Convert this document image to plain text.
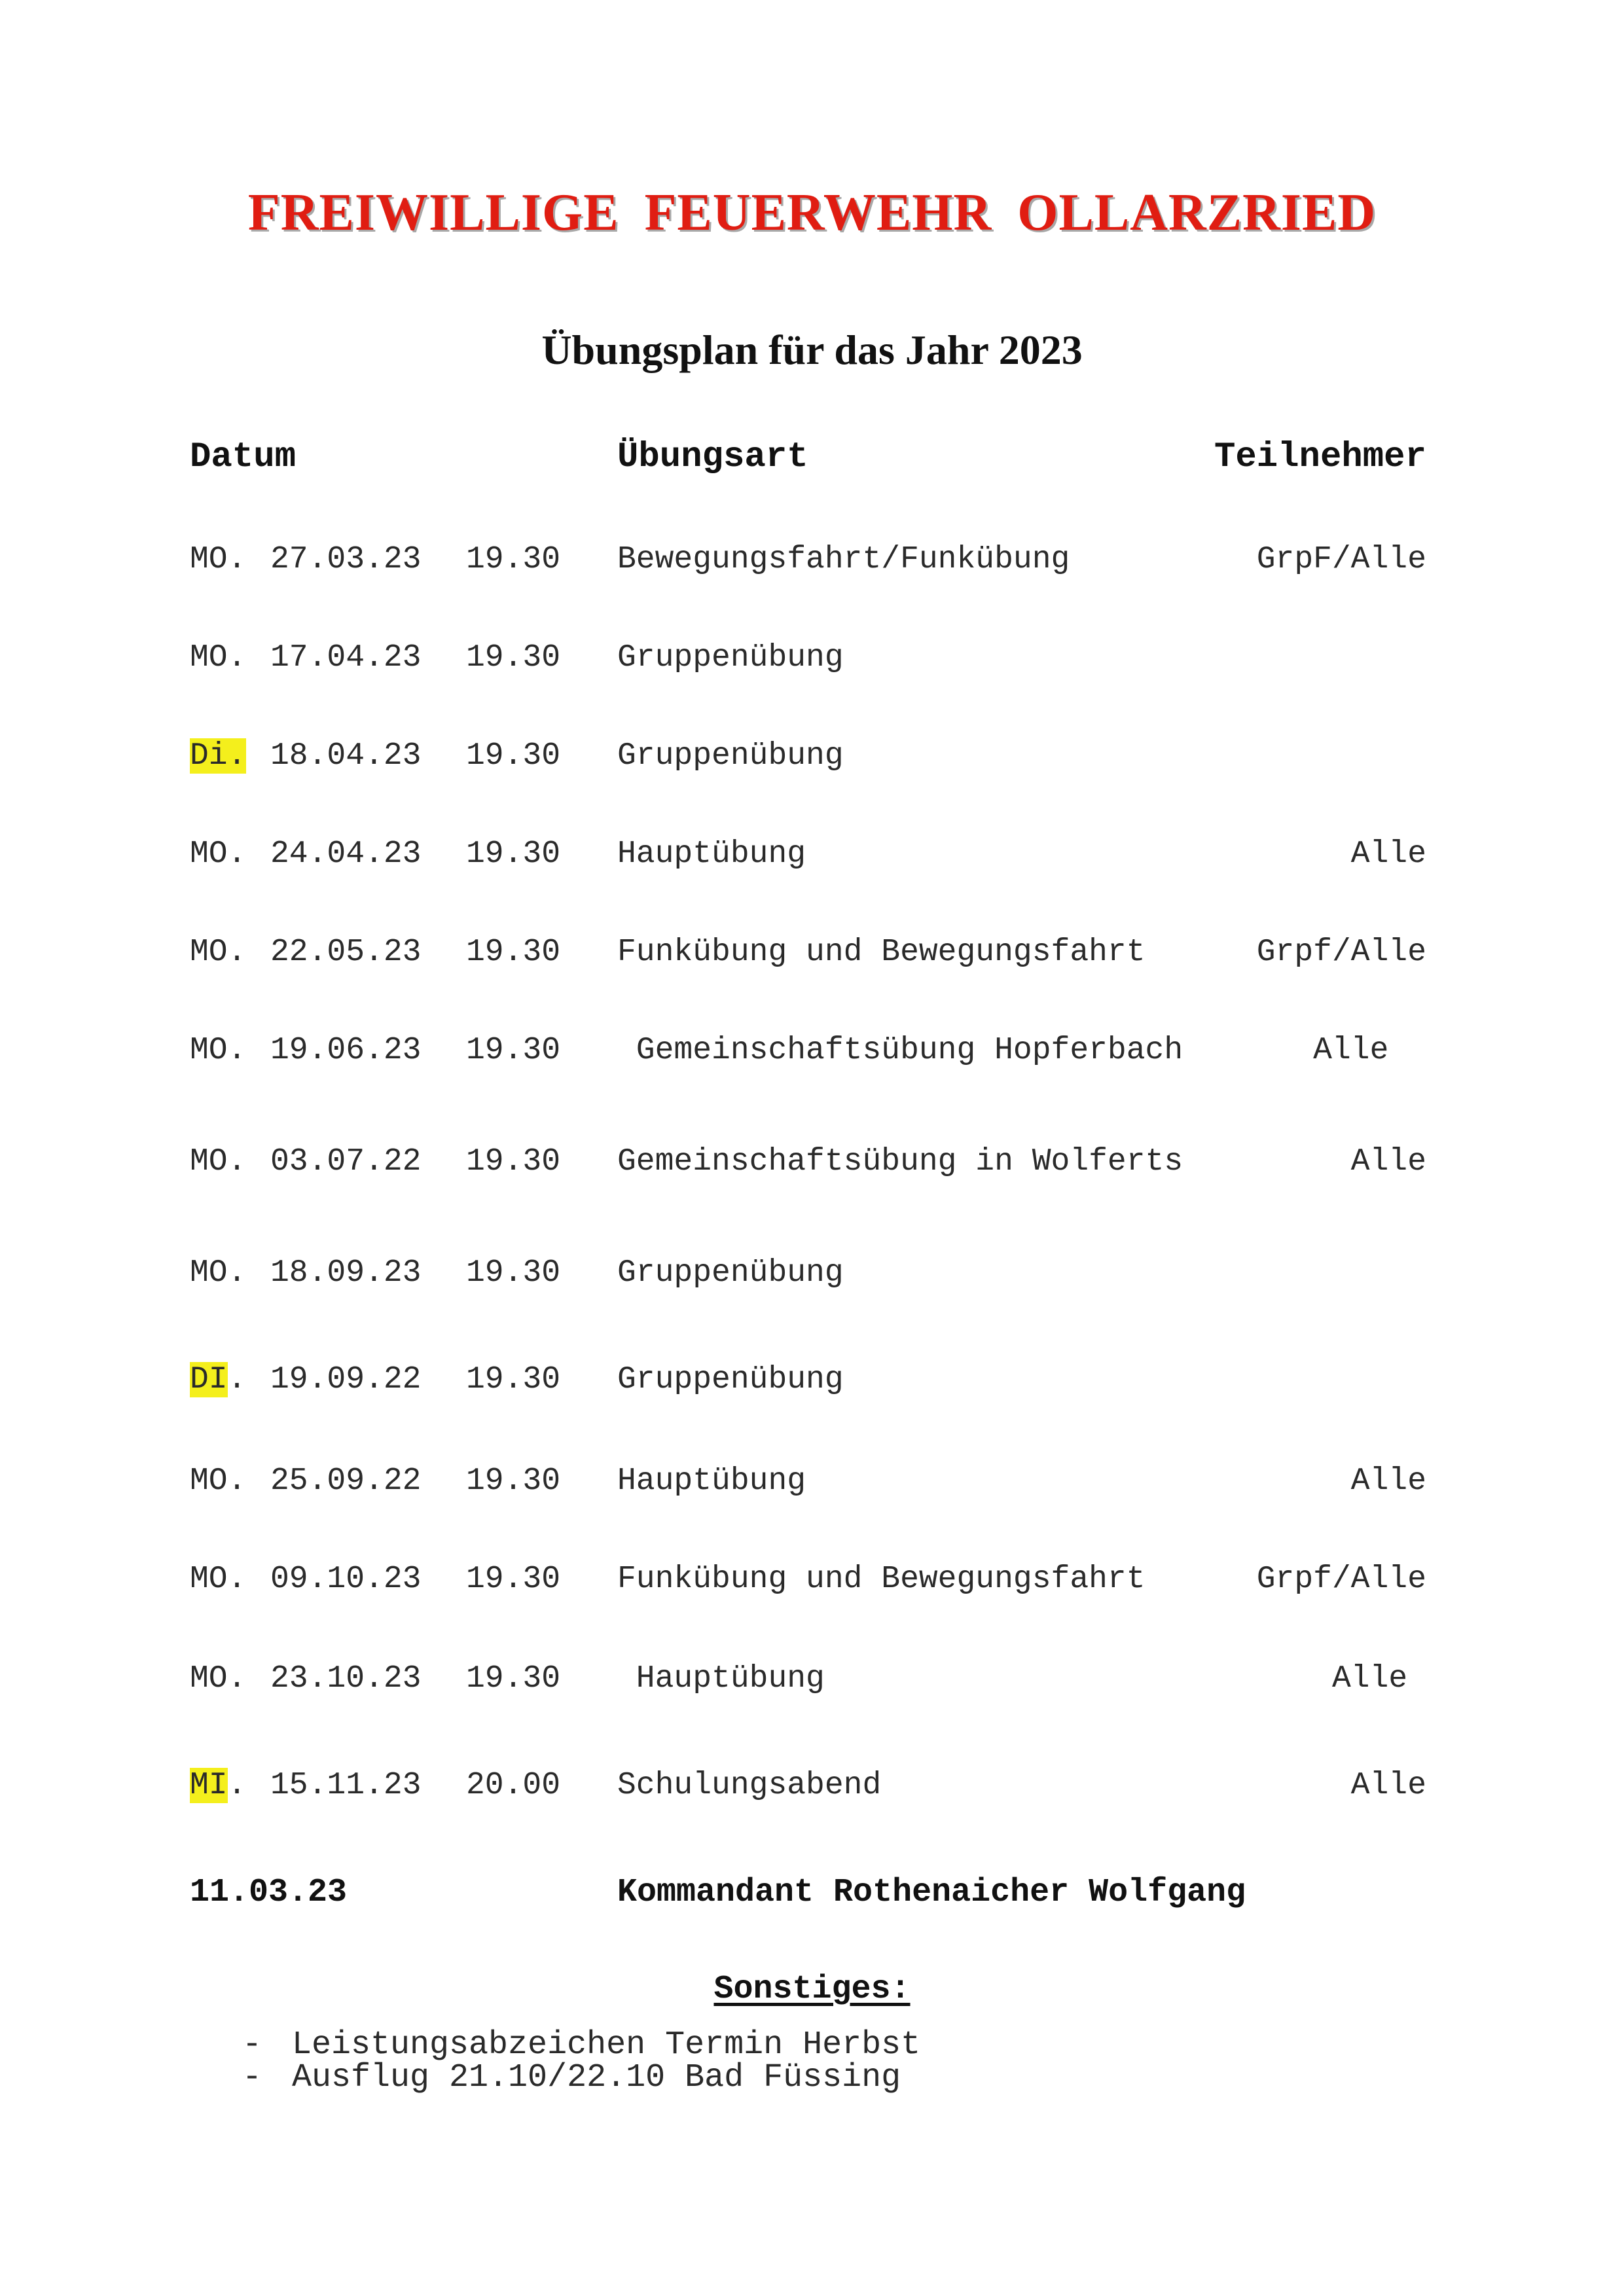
FREIWILLIGE FEUERWEHR OLLARZRIED
Übungsplan für das Jahr 2023
Datum	Übungsart	Teilnehmer
MO. 27.03.23 19.30 Bewegungsfahrt/Funkübung	GrpF/Alle
MO. 17.04.23 19.30 Gruppenübung
Di. 18.04.23 19.30 Gruppenübung
MO. 24.04.23 19.30 Hauptübung	Alle
MO. 22.05.23 19.30 Funkübung und Bewegungsfahrt	Grpf/Alle
MO. 19.06.23 19.30 Gemeinschaftsübung Hopferbach	Alle
MO. 03.07.22 19.30 Gemeinschaftsübung in Wolferts	Alle
MO. 18.09.23 19.30 Gruppenübung
DI. 19.09.22 19.30 Gruppenübung
MO. 25.09.22 19.30 Hauptübung	Alle
MO. 09.10.23 19.30 Funkübung und Bewegungsfahrt	Grpf/Alle
MO. 23.10.23 19.30 Hauptübung	Alle
MI. 15.11.23 20.00 Schulungsabend	Alle
11.03.23	Kommandant Rothenaicher Wolfgang
Sonstiges:
- Leistungsabzeichen Termin Herbst
- Ausflug 21.10/22.10 Bad Füssing
